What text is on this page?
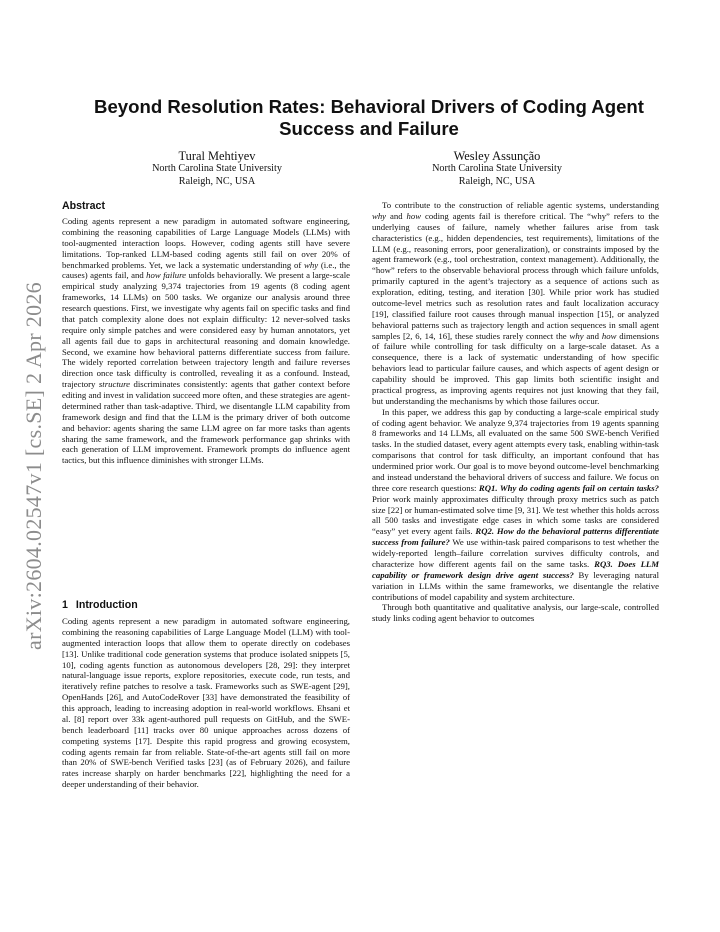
arXiv:2604.02547v1 [cs.SE] 2 Apr 2026
Beyond Resolution Rates: Behavioral Drivers of Coding Agent Success and Failure
Tural Mehtiyev
North Carolina State University
Raleigh, NC, USA
Wesley Assunção
North Carolina State University
Raleigh, NC, USA
Abstract

Coding agents represent a new paradigm in automated software engineering, combining the reasoning capabilities of Large Language Models (LLMs) with tool-augmented interaction loops. However, coding agents still have severe limitations. Top-ranked LLM-based coding agents still fail on over 20% of benchmarked problems. Yet, we lack a systematic understanding of why (i.e., the causes) agents fail, and how failure unfolds behaviorally. We present a large-scale empirical study analyzing 9,374 trajectories from 19 agents (8 coding agent frameworks, 14 LLMs) on 500 tasks. We organize our analysis around three research questions. First, we investigate why agents fail on specific tasks and find that patch complexity alone does not explain difficulty: 12 never-solved tasks require only simple patches and were considered easy by human annotators, yet all agents fail due to gaps in architectural reasoning and domain knowledge. Second, we examine how behavioral patterns differentiate success from failure. The widely reported correlation between trajectory length and failure reverses direction once task difficulty is controlled, revealing it as a confound. Instead, trajectory structure discriminates consistently: agents that gather context before editing and invest in validation succeed more often, and these strategies are agent-determined rather than task-adaptive. Third, we disentangle LLM capability from framework design and find that the LLM is the primary driver of both outcome and behavior: agents sharing the same LLM agree on far more tasks than agents sharing the same framework, and the framework performance gap shrinks with each generation of LLM improvement. Framework prompts do influence agent tactics, but this influence diminishes with stronger LLMs.

1 Introduction

Coding agents represent a new paradigm in automated software engineering, combining the reasoning capabilities of Large Language Model (LLM) with tool-augmented interaction loops that allow them to operate directly on codebases [13]. Unlike traditional code generation systems that produce isolated snippets [5, 10], coding agents function as autonomous developers [28, 29]: they interpret natural-language issue reports, explore repositories, execute code, run tests, and iteratively refine patches to resolve a task. Frameworks such as SWE-agent [29], OpenHands [26], and AutoCodeRover [33] have demonstrated the feasibility of this approach, leading to increasing adoption in real-world workflows. Ehsani et al. [8] report over 33k agent-authored pull requests on GitHub, and the SWE-bench leaderboard [11] tracks over 80 unique approaches across dozens of competing systems [17]. Despite this rapid progress and growing ecosystem, coding agents remain far from reliable. State-of-the-art agents still fail on more than 20% of SWE-bench Verified tasks [23] (as of February 2026), and failure rates increase sharply on harder benchmarks [22], highlighting the need for a deeper understanding of their behavior.

To contribute to the construction of reliable agentic systems, understanding why and how coding agents fail is therefore critical. The “why” refers to the underlying causes of failure, namely whether failures arise from task characteristics (e.g., hidden dependencies, test requirements), limitations of the LLM (e.g., reasoning errors, poor generalization), or constraints imposed by the agent framework (e.g., tool orchestration, context management). Additionally, the “how” refers to the observable behavioral process through which failure unfolds, primarily captured in the agent’s trajectory as a sequence of actions such as exploration, editing, testing, and iteration [30]. While prior work has studied outcome-level metrics such as resolution rates and fault localization accuracy [19], classified failure root causes through manual inspection [15], or analyzed behavioral patterns such as trajectory length and action sequences in small agent samples [2, 6, 14, 16], these studies rarely connect the why and how dimensions of failure while controlling for task difficulty on a large-scale dataset. As a consequence, there is a lack of systematic understanding of how specific behaviors lead to particular failure causes, and which aspects of agent design or capability should be improved. This gap limits both scientific insight and practical progress, as improving agents requires not just knowing that they fail, but understanding the mechanisms by which those failures occur.

In this paper, we address this gap by conducting a large-scale empirical study of coding agent behavior. We analyze 9,374 trajectories from 19 agents spanning 8 frameworks and 14 LLMs, all evaluated on the same 500 SWE-bench Verified tasks. In the studied dataset, every agent attempts every task, enabling within-task comparisons that control for task difficulty, an important confound that has undermined prior work. Our goal is to move beyond outcome-level benchmarking and instead understand the behavioral drivers of success and failure. We focus on three core research questions: RQ1. Why do coding agents fail on certain tasks? Prior work mainly approximates difficulty through proxy metrics such as patch size [22] or human-estimated solve time [9, 31]. We test whether this holds across all 500 tasks and investigate edge cases in which some tasks are considered “easy” yet every agent fails. RQ2. How do the behavioral patterns differentiate success from failure? We use within-task paired comparisons to test whether the widely-reported length–failure correlation survives difficulty controls, and characterize how different agents fail on the same tasks. RQ3. Does LLM capability or framework design drive agent success? By leveraging natural variation in LLMs within the same frameworks, we disentangle the relative contributions of model capability and system architecture.

Through both quantitative and qualitative analysis, our large-scale, controlled study links coding agent behavior to outcomes
